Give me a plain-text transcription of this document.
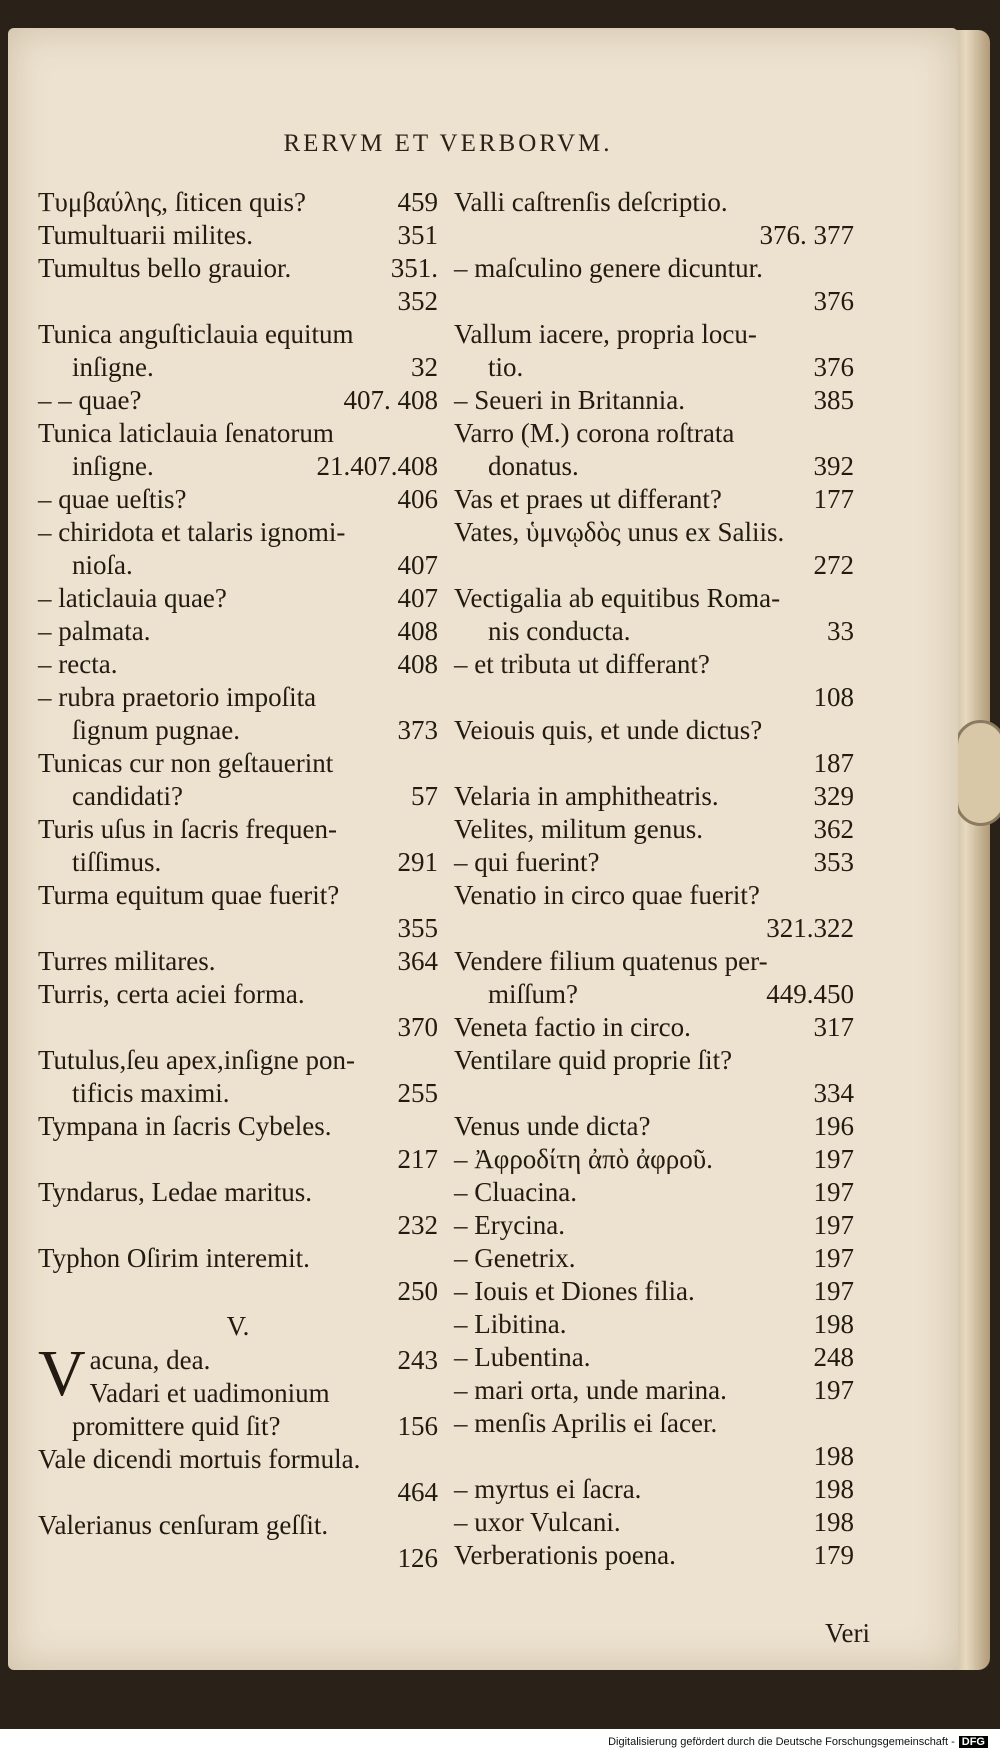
RERVM ET VERBORVM.
Τυμβαύλης, ſiticen quis?	459
Tumultuarii milites.	351
Tumultus bello grauior.	351.
352
Tunica anguſticlauia equitum
inſigne.	32
– – quae?	407. 408
Tunica laticlauia ſenatorum
inſigne.	21.407.408
– quae ueſtis?	406
– chiridota et talaris ignomi-
nioſa.	407
– laticlauia quae?	407
– palmata.	408
– recta.	408
– rubra praetorio impoſita
ſignum pugnae.	373
Tunicas cur non geſtauerint
candidati?	57
Turis uſus in ſacris frequen-
tiſſimus.	291
Turma equitum quae fuerit?
355
Turres militares.	364
Turris, certa aciei forma.
370
Tutulus,ſeu apex,inſigne pon-
tificis maximi.	255
Tympana in ſacris Cybeles.
217
Tyndarus, Ledae maritus.
232
Typhon Oſirim interemit.
250
V.
V acuna, dea.	243
Vadari et uadimonium
promittere quid ſit?	156
Vale dicendi mortuis formula.
464
Valerianus cenſuram geſſit.
126
Valli caſtrenſis deſcriptio.
376. 377
– maſculino genere dicuntur.
376
Vallum iacere, propria locu-
tio.	376
– Seueri in Britannia.	385
Varro (M.) corona roſtrata
donatus.	392
Vas et praes ut differant?	177
Vates, ὑμνῳδὸς unus ex Saliis.
272
Vectigalia ab equitibus Roma-
nis conducta.	33
– et tributa ut differant?
108
Veiouis quis, et unde dictus?
187
Velaria in amphitheatris.	329
Velites, militum genus.	362
– qui fuerint?	353
Venatio in circo quae fuerit?
321.322
Vendere filium quatenus per-
miſſum?	449.450
Veneta factio in circo.	317
Ventilare quid proprie ſit?
334
Venus unde dicta?	196
– Ἀφροδίτη ἀπὸ ἀφροῦ.	197
– Cluacina.	197
– Erycina.	197
– Genetrix.	197
– Iouis et Diones filia.	197
– Libitina.	198
– Lubentina.	248
– mari orta, unde marina.	197
– menſis Aprilis ei ſacer.
198
– myrtus ei ſacra.	198
– uxor Vulcani.	198
Verberationis poena.	179
Veri
Digitalisierung gefördert durch die Deutsche Forschungsgemeinschaft - DFG
